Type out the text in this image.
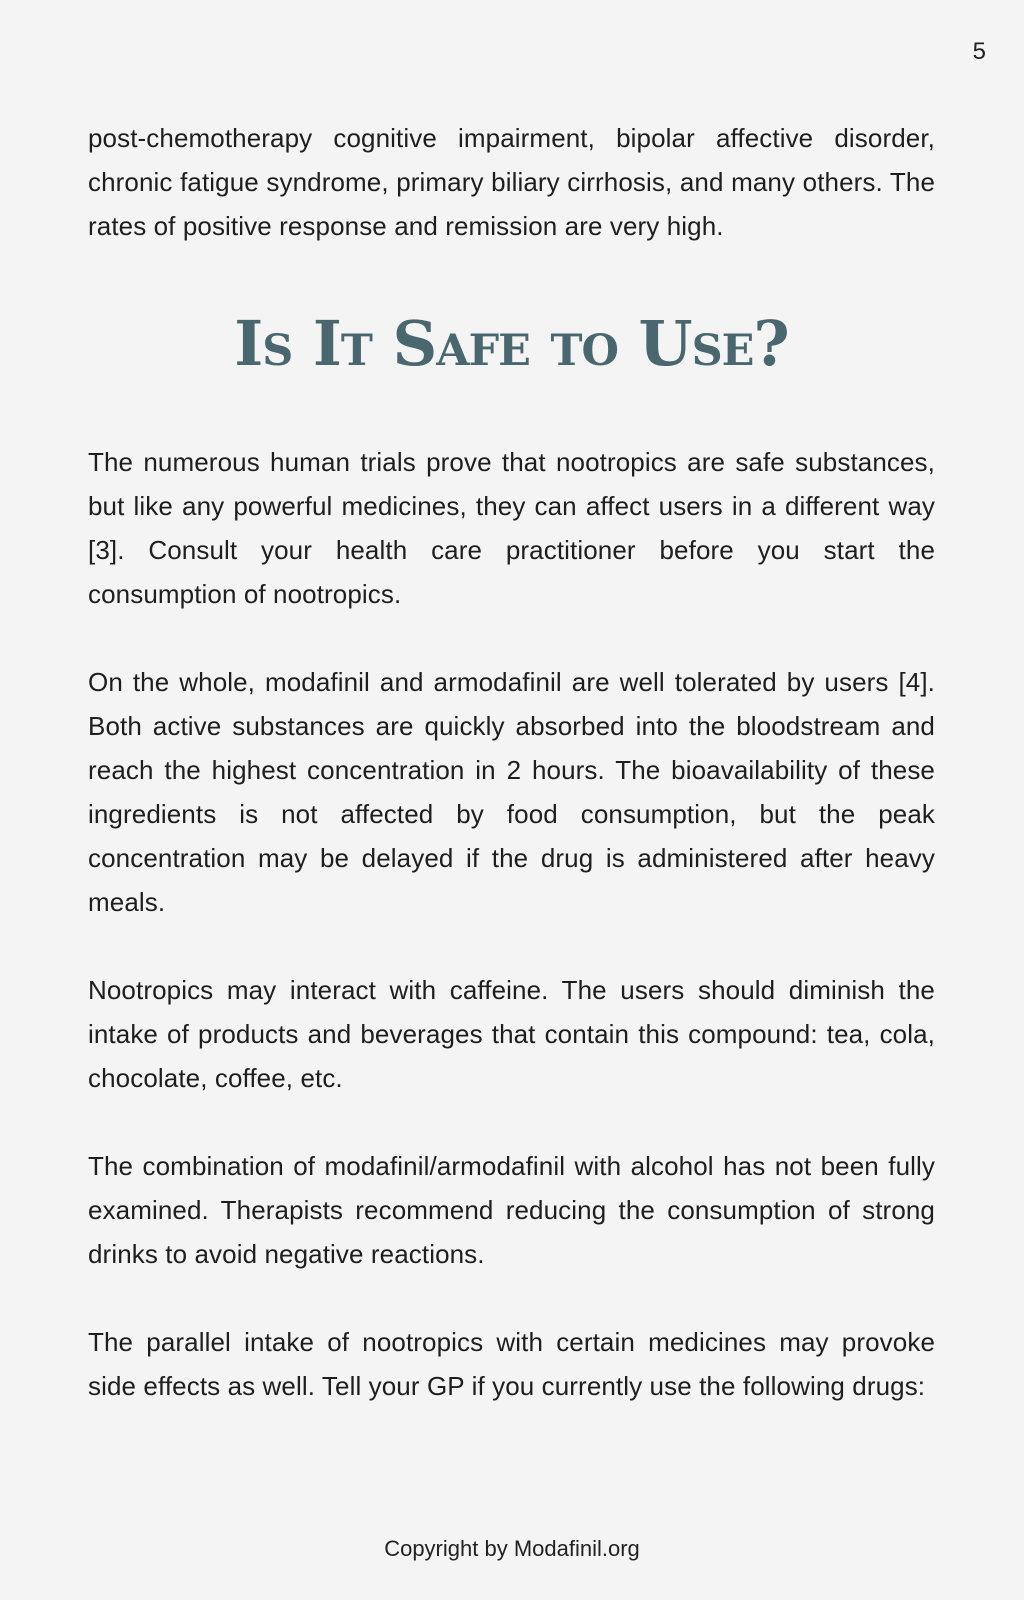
5

post-chemotherapy cognitive impairment, bipolar affective disorder, chronic fatigue syndrome, primary biliary cirrhosis, and many others. The rates of positive response and remission are very high.

Is It Safe to Use?

The numerous human trials prove that nootropics are safe substances, but like any powerful medicines, they can affect users in a different way [3]. Consult your health care practitioner before you start the consumption of nootropics.

On the whole, modafinil and armodafinil are well tolerated by users [4]. Both active substances are quickly absorbed into the bloodstream and reach the highest concentration in 2 hours. The bioavailability of these ingredients is not affected by food consumption, but the peak concentration may be delayed if the drug is administered after heavy meals.

Nootropics may interact with caffeine. The users should diminish the intake of products and beverages that contain this compound: tea, cola, chocolate, coffee, etc.

The combination of modafinil/armodafinil with alcohol has not been fully examined. Therapists recommend reducing the consumption of strong drinks to avoid negative reactions.

The parallel intake of nootropics with certain medicines may provoke side effects as well. Tell your GP if you currently use the following drugs:

Copyright by Modafinil.org
